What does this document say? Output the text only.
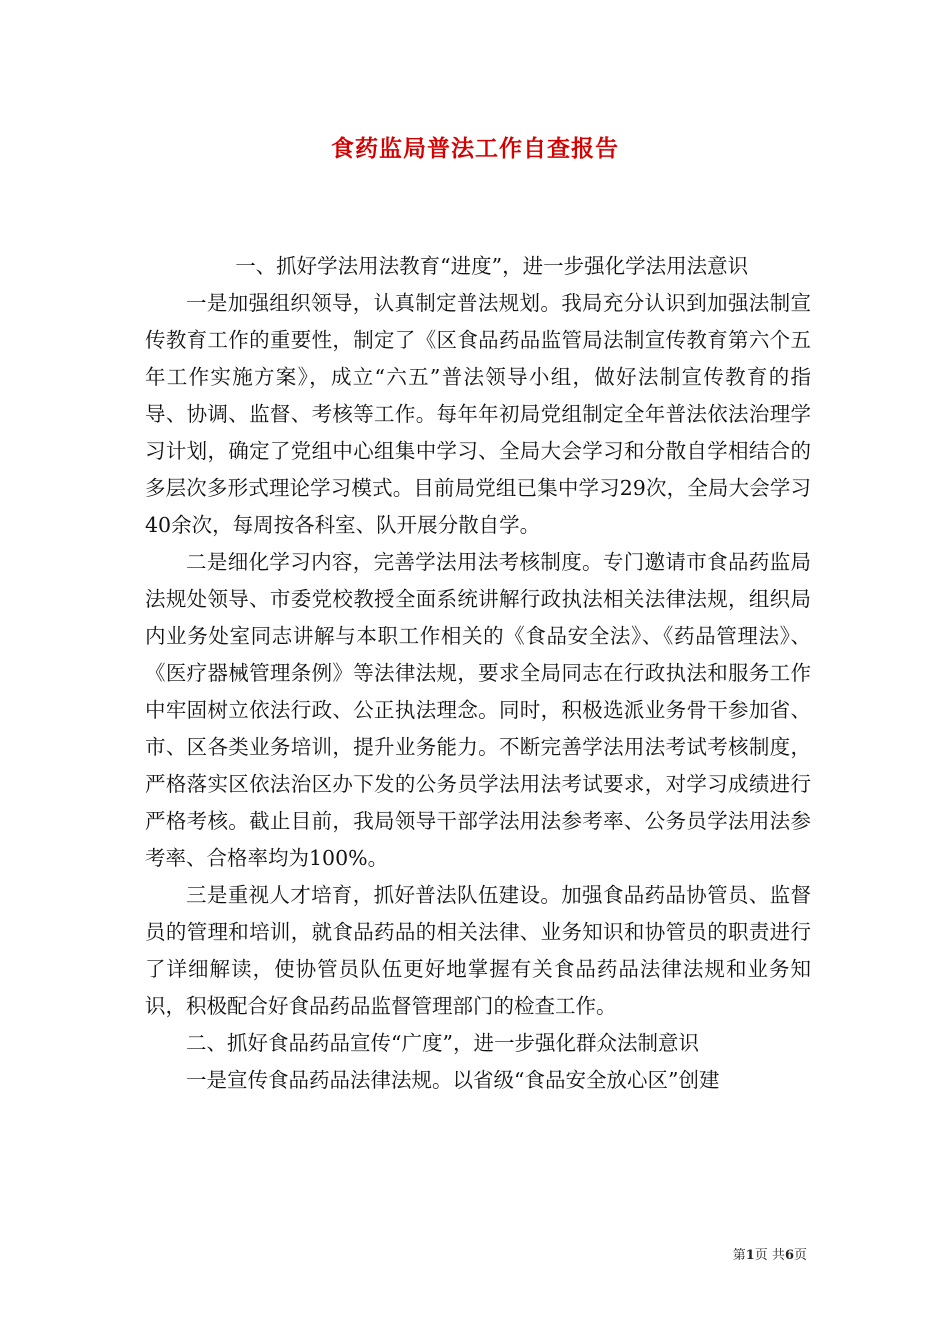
食药监局普法工作自查报告

一、抓好学法用法教育“进度”，进一步强化学法用法意识

一是加强组织领导，认真制定普法规划。我局充分认识到加强法制宣传教育工作的重要性，制定了《区食品药品监管局法制宣传教育第六个五年工作实施方案》，成立“六五”普法领导小组，做好法制宣传教育的指导、协调、监督、考核等工作。每年年初局党组制定全年普法依法治理学习计划，确定了党组中心组集中学习、全局大会学习和分散自学相结合的多层次多形式理论学习模式。目前局党组已集中学习29次，全局大会学习40余次，每周按各科室、队开展分散自学。

二是细化学习内容，完善学法用法考核制度。专门邀请市食品药监局法规处领导、市委党校教授全面系统讲解行政执法相关法律法规，组织局内业务处室同志讲解与本职工作相关的《食品安全法》、《药品管理法》、《医疗器械管理条例》等法律法规，要求全局同志在行政执法和服务工作中牢固树立依法行政、公正执法理念。同时，积极选派业务骨干参加省、市、区各类业务培训，提升业务能力。不断完善学法用法考试考核制度，严格落实区依法治区办下发的公务员学法用法考试要求，对学习成绩进行严格考核。截止目前，我局领导干部学法用法参考率、公务员学法用法参考率、合格率均为100%。

三是重视人才培育，抓好普法队伍建设。加强食品药品协管员、监督员的管理和培训，就食品药品的相关法律、业务知识和协管员的职责进行了详细解读，使协管员队伍更好地掌握有关食品药品法律法规和业务知识，积极配合好食品药品监督管理部门的检查工作。

二、抓好食品药品宣传“广度”，进一步强化群众法制意识

一是宣传食品药品法律法规。以省级“食品安全放心区”创建

第1页 共6页
